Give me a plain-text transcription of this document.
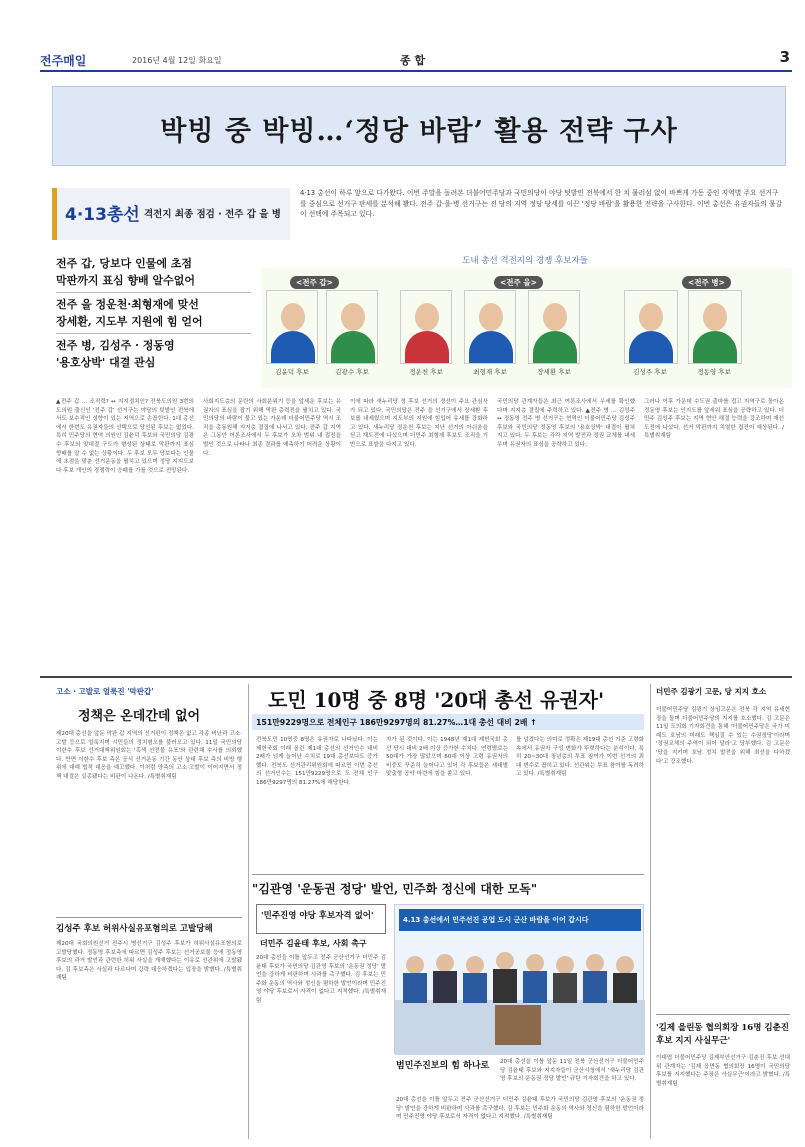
전주매일	2016년 4월 12일 화요일	종 합	3
박빙 중 박빙…‘정당 바람’ 활용 전략 구사
4·13총선 격전지 최종 점검 · 전주 갑 을 병
4·13 총선이 하루 앞으로 다가왔다. 이번 주말을 돌려본 더불어민주당과 국민의당이 야당 텃밭인 전북에서 한 치 물러섬 없이 바쁘게 가동 중인 지역별 주요 선거구를 중심으로 선거구 판세를 분석해 봤다. 전주 갑·을·병 선거구는 전 당의 지역 정당 당세를 이끈 '정당 바람'을 활용한 전략을 구사한다. 이번 총선은 유권자들의 물갈이 선택에 주목되고 있다.
전주 갑, 당보다 인물에 초점
막판까지 표심 향배 알수없어
전주 을 정운천·최형재에 맞선
장세환, 지도부 지원에 힘 얻어
전주 병, 김성주 · 정동영
'용호상박' 대결 관심
도내 총선 격전지의 경쟁 후보자들
<전주 갑>	<전주 을>	<전주 병>
김윤덕 후보	김광수 후보	정운천 후보	최형재 후보	장세환 후보	김성주 후보	정동영 후보
▲전주 갑 … 조직력? ↔ 지지정치인? 전북도의원 3번의 도의원 출신인 '전주 갑' 선거구는 야당의 텃밭인 전북에서도 보수적인 성향이 있는 지역으로 손꼽힌다. 1대 총선에서 한번도 유권자들의 선택으로 당선된 후보는 없었다. 특히 민주당의 현역 의원인 김윤덕 후보와 국민의당 김광수 후보의 맞대결 구도가 형성된 상태로 막판까지 표심 향배를 알 수 없는 상황이다. 두 후보 모두 당보다는 인물에 초점을 맞춘 선거운동을 펼치고 있으며 정당 지지도보다 후보 개인의 경쟁력이 승패를 가를 것으로 전망된다.
사회지도층의 문란의 사회분위기 등을 앞세운 후보는 유권자의 표심을 잡기 위해 막판 총력전을 펼치고 있다. 국민의당의 바람이 불고 있는 가운데 더불어민주당 역시 조직을 총동원해 지지층 결집에 나서고 있다. 전주 갑 지역은 그동안 여론조사에서 두 후보가 오차 범위 내 접전을 벌인 것으로 나타나 최종 결과를 예측하기 어려운 상황이다.
이에 따라 새누리당 정 후보 선거의 경선이 주요 관심사가 되고 있다. 국민의당은 전주 을 선거구에서 장세환 후보를 내세웠으며 지도부의 지원에 힘입어 유세를 강화하고 있다. 새누리당 정운천 후보는 지난 선거의 아쉬움을 딛고 재도전에 나섰으며 더민주 최형재 후보도 조직을 기반으로 표밭을 다지고 있다.
국민의당 관계자들은 최근 여론조사에서 우세를 확인했다며 지지층 결집에 주력하고 있다. ▲전주 병 … 김성주 ↔ 정동영 전주 병 선거구는 현역인 더불어민주당 김성주 후보와 국민의당 정동영 후보의 '용호상박' 대결이 펼쳐지고 있다. 두 후보는 각각 지역 발전과 정권 교체를 내세우며 유권자의 표심을 공략하고 있다.
그러나 이후 가운데 수도권 출마를 접고 지역구로 돌아온 정동영 후보는 인지도를 앞세워 표심을 공략하고 있다. 더민주 김성주 후보는 지역 현안 해결 능력을 강조하며 재선 도전에 나섰다. 선거 막판까지 치열한 접전이 예상된다. /특별취재팀
고소 · 고발로 얼룩진 '막판갑'
정책은 온데간데 없어
제20대 총선을 앞둔 막판 갑 지역의 선거판이 정책은 없고 각종 비난과 고소·고발 등으로 얼룩지며 시민들의 정치혐오를 불러오고 있다. 11일 국민의당 이한수 후보 선거대책위원회는 '혹색 선전물 유포'와 관련해 수사를 의뢰했다. 반면 이한수 후보 측은 공식 선거운동 기간 동안 상대 후보 측의 비방 행위에 대해 법적 대응을 예고했다. 이처럼 양측의 고소·고발이 이어지면서 정책 대결은 실종됐다는 비판이 나온다. /특별취재팀
김성주 후보 허위사실유포혐의로 고발당해
제20대 국회의원선거 전주시 병선거구 김성주 후보가 허위사실유포혐의로 고발당했다. 정동영 후보측에 따르면 김성주 후보는 선거공보물 등에 정동영 후보의 과거 발언과 관련한 허위 사실을 게재했다는 이유로 선관위에 고발됐다. 김 후보측은 사실과 다르다며 강력 대응하겠다는 입장을 밝혔다. /특별취재팀
도민 10명 중 8명 '20대 총선 유권자'
151만9229명으로 전체인구 186만9297명의 81.27%…1대 총선 대비 2배 ↑
전북도민 10명중 8명은 유권자로 나타났다. 이는 제헌국회 이래 올린 제1대 총선의 선거인수 대비 2배가 넘게 늘어난 수치로 19대 총선보다도 증가했다. 전북도 선거관리위원회에 따르면 이번 총선의 선거인수는 151만9229명으로 도 전체 인구 186만9297명의 81.27%에 해당한다.
자가 된 것이다. 이는 1948년 제1대 제헌국회 총선 당시 대비 2배 이상 증가한 수치다. 연령별로는 50대가 가장 많았으며 60대 이상 고령 유권자의 비중도 꾸준히 늘어나고 있어 각 후보들은 세대별 맞춤형 공약 마련에 힘을 쏟고 있다.
를 넘겼다는 의미로 정확은 제19대 총선 기준 고령화 속에서 유권자 구성 변화가 뚜렷하다는 분석이다. 특히 20~30대 청년층의 투표 참여가 이번 선거의 최대 변수로 꼽히고 있다. 선관위는 투표 참여를 독려하고 있다. /특별취재팀
"김관영 '운동권 정당' 발언, 민주화 정신에 대한 모독"
'민주진영 야당 후보자격 없어'
더민주 김윤태 후보, 사회 촉구
20대 총선을 이틀 앞두고 전주 군산선거구 더민주 김윤태 후보가 국민의당 김관영 후보의 '운동권 정당' 발언을 강하게 비판하며 사과를 촉구했다. 김 후보는 민주화 운동의 역사와 정신을 폄하한 발언이라며 민주진영 야당 후보로서 자격이 없다고 지적했다. /특별취재팀
4.13 총선에서 민주선진 공업 도시 군산 바람을 이어 갑시다
범민주진보의 힘 하나로	20대 총선을 이틀 앞둔 11일 전북 군산선거구 더불어민주당 김윤태 후보와 지지자들이 군산시청에서 '새누리당 김관영 후보의 운동권 정당 발언' 규탄 기자회견을 하고 있다.
20대 총선을 이틀 앞두고 전주 군산선거구 더민주 김윤태 후보가 국민의당 김관영 후보의 '운동권 정당' 발언을 강하게 비판하며 사과를 촉구했다. 김 후보는 민주화 운동의 역사와 정신을 폄하한 발언이라며 민주진영 야당 후보로서 자격이 없다고 지적했다. /특별취재팀
더민주 김광기 고문, 당 지지 호소
더불어민주당 김광기 상임고문은 전북 각 지역 유세현장을 돌며 더불어민주당의 지지를 호소했다. 김 고문은 11일 도의회 기자회견을 통해 '더불어민주당은 국가 미래도 호남의 미래도 책임질 수 있는 수권정당'이라며 '정권교체의 주역이 되어 달라'고 당부했다. 김 고문은 '당을 지키며 호남 정치 발전을 위해 최선을 다하겠다'고 강조했다.
'김제 을린동 협의회장 16명 김춘진 후보 지지 사실무근'
이대엽 더불어민주당 김제부안선거구 김춘진 후보 선대위 관계자는 '김제 읍면동 협의회장 16명이 국민의당 후보를 지지했다는 주장은 사실무근'이라고 밝혔다. /특별취재팀
